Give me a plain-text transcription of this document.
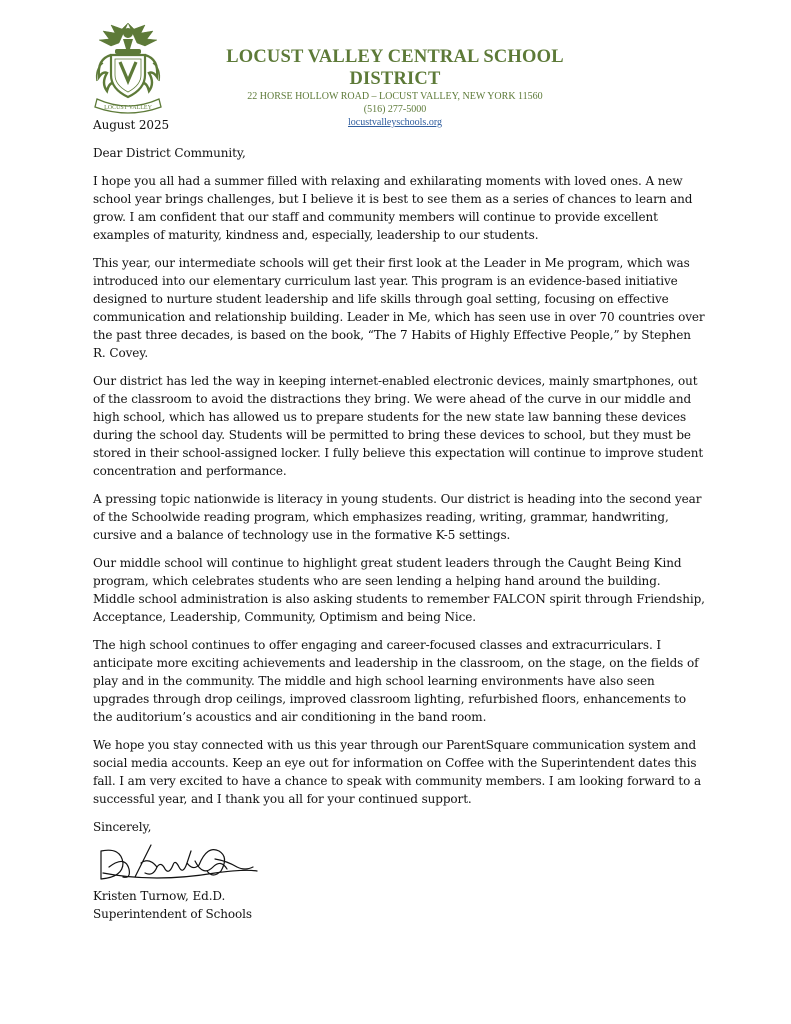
LOCUST VALLEY
LOCUST VALLEY CENTRAL SCHOOL DISTRICT
22 HORSE HOLLOW ROAD – LOCUST VALLEY, NEW YORK 11560
(516) 277-5000
locustvalleyschools.org

August 2025

Dear District Community,

I hope you all had a summer filled with relaxing and exhilarating moments with loved ones. A new school year brings challenges, but I believe it is best to see them as a series of chances to learn and grow. I am confident that our staff and community members will continue to provide excellent examples of maturity, kindness and, especially, leadership to our students.

This year, our intermediate schools will get their first look at the Leader in Me program, which was introduced into our elementary curriculum last year. This program is an evidence-based initiative designed to nurture student leadership and life skills through goal setting, focusing on effective communication and relationship building. Leader in Me, which has seen use in over 70 countries over the past three decades, is based on the book, “The 7 Habits of Highly Effective People,” by Stephen R. Covey.

Our district has led the way in keeping internet-enabled electronic devices, mainly smartphones, out of the classroom to avoid the distractions they bring. We were ahead of the curve in our middle and high school, which has allowed us to prepare students for the new state law banning these devices during the school day. Students will be permitted to bring these devices to school, but they must be stored in their school-assigned locker. I fully believe this expectation will continue to improve student concentration and performance.

A pressing topic nationwide is literacy in young students. Our district is heading into the second year of the Schoolwide reading program, which emphasizes reading, writing, grammar, handwriting, cursive and a balance of technology use in the formative K-5 settings.

Our middle school will continue to highlight great student leaders through the Caught Being Kind program, which celebrates students who are seen lending a helping hand around the building. Middle school administration is also asking students to remember FALCON spirit through Friendship, Acceptance, Leadership, Community, Optimism and being Nice.

The high school continues to offer engaging and career-focused classes and extracurriculars. I anticipate more exciting achievements and leadership in the classroom, on the stage, on the fields of play and in the community. The middle and high school learning environments have also seen upgrades through drop ceilings, improved classroom lighting, refurbished floors, enhancements to the auditorium’s acoustics and air conditioning in the band room.

We hope you stay connected with us this year through our ParentSquare communication system and social media accounts. Keep an eye out for information on Coffee with the Superintendent dates this fall. I am very excited to have a chance to speak with community members. I am looking forward to a successful year, and I thank you all for your continued support.

Sincerely,

Kristen Turnow, Ed.D.

Superintendent of Schools
